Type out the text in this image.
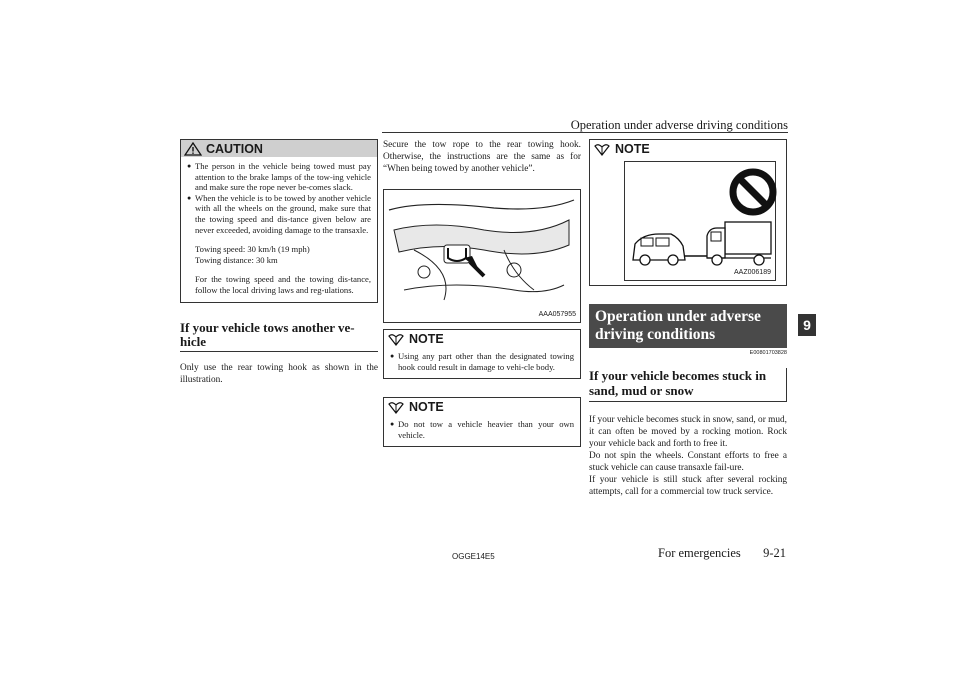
Operation under adverse driving conditions
CAUTION
● The person in the vehicle being towed must pay attention to the brake lamps of the tow-ing vehicle and make sure the rope never be-comes slack.
● When the vehicle is to be towed by another vehicle with all the wheels on the ground, make sure that the towing speed and dis-tance given below are never exceeded, avoiding damage to the transaxle.
Towing speed: 30 km/h (19 mph)
Towing distance: 30 km
For the towing speed and the towing dis-tance, follow the local driving laws and reg-ulations.
If your vehicle tows another ve-hicle
Only use the rear towing hook as shown in the illustration.
Secure the tow rope to the rear towing hook. Otherwise, the instructions are the same as for “When being towed by another vehicle”.
AAA057955
NOTE
● Using any part other than the designated towing hook could result in damage to vehi-cle body.
NOTE
● Do not tow a vehicle heavier than your own vehicle.
NOTE
AAZ006189
Operation under adverse driving conditions
E00801703828
If your vehicle becomes stuck in sand, mud or snow
If your vehicle becomes stuck in snow, sand, or mud, it can often be moved by a rocking motion. Rock your vehicle back and forth to free it.
Do not spin the wheels. Constant efforts to free a stuck vehicle can cause transaxle fail-ure.
If your vehicle is still stuck after several rocking attempts, call for a commercial tow truck service.
9
OGGE14E5	For emergencies 9-21
